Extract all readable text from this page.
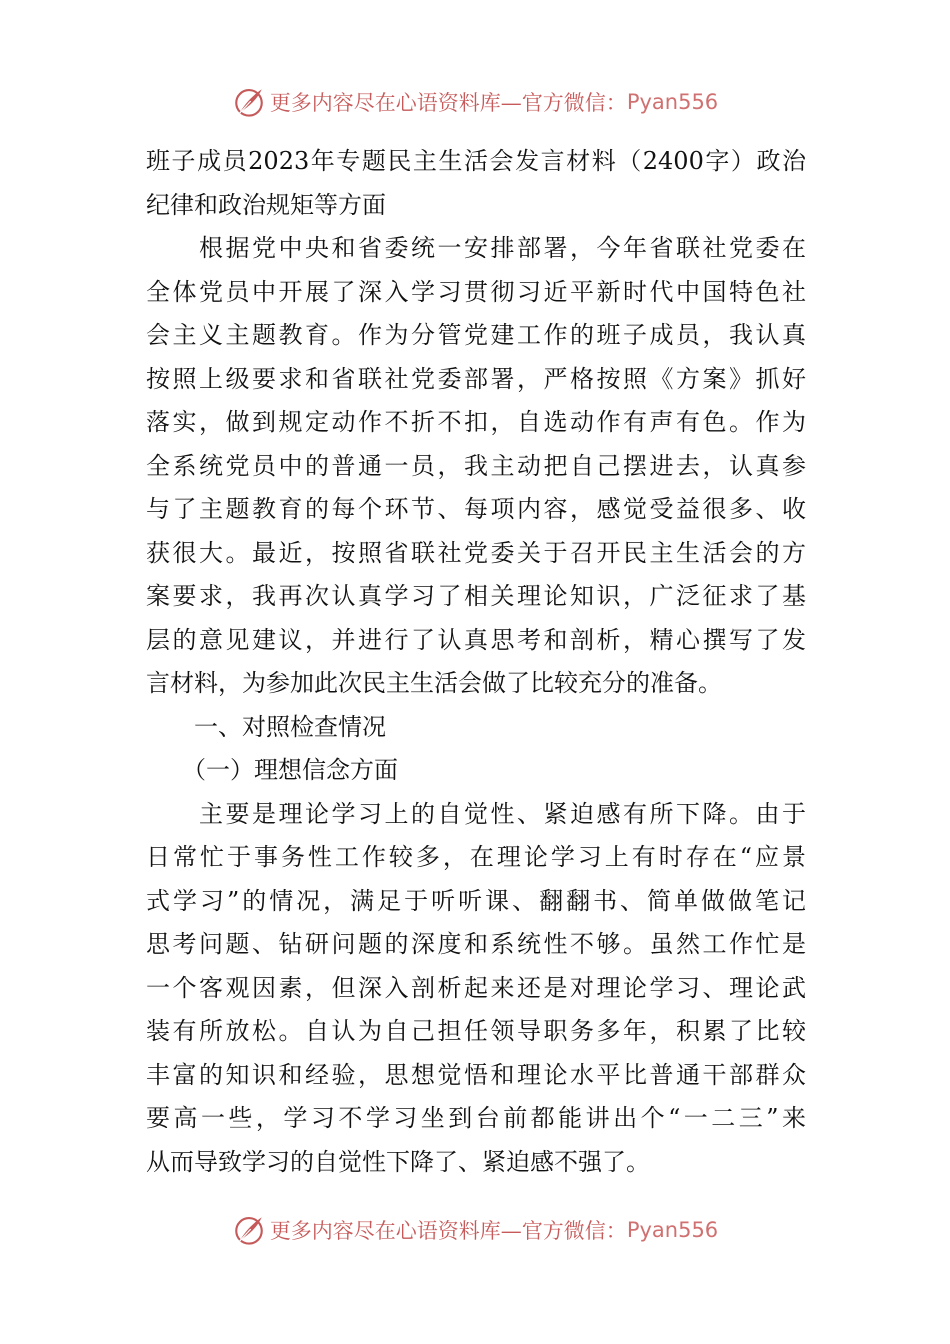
更多内容尽在心语资料库— 官方微信： Pyan556
班子成员2023年专题民主生活会发言材料（2400字）政治
纪律和政治规矩等方面
　　根据党中央和省委统一安排部署，今年省联社党委在
全体党员中开展了深入学习贯彻习近平新时代中国特色社
会主义主题教育。作为分管党建工作的班子成员，我认真
按照上级要求和省联社党委部署，严格按照《方案》抓好
落实，做到规定动作不折不扣，自选动作有声有色。作为
全系统党员中的普通一员，我主动把自己摆进去，认真参
与了主题教育的每个环节、每项内容，感觉受益很多、收
获很大。最近，按照省联社党委关于召开民主生活会的方
案要求，我再次认真学习了相关理论知识，广泛征求了基
层的意见建议，并进行了认真思考和剖析，精心撰写了发
言材料，为参加此次民主生活会做了比较充分的准备。
　　一、对照检查情况
　　（一）理想信念方面
　　主要是理论学习上的自觉性、紧迫感有所下降。由于
日常忙于事务性工作较多，在理论学习上有时存在“应景
式学习”的情况，满足于听听课、翻翻书、简单做做笔记
思考问题、钻研问题的深度和系统性不够。虽然工作忙是
一个客观因素，但深入剖析起来还是对理论学习、理论武
装有所放松。自认为自己担任领导职务多年，积累了比较
丰富的知识和经验，思想觉悟和理论水平比普通干部群众
要高一些，学习不学习坐到台前都能讲出个“一二三”来
从而导致学习的自觉性下降了、紧迫感不强了。
更多内容尽在心语资料库— 官方微信： Pyan556
